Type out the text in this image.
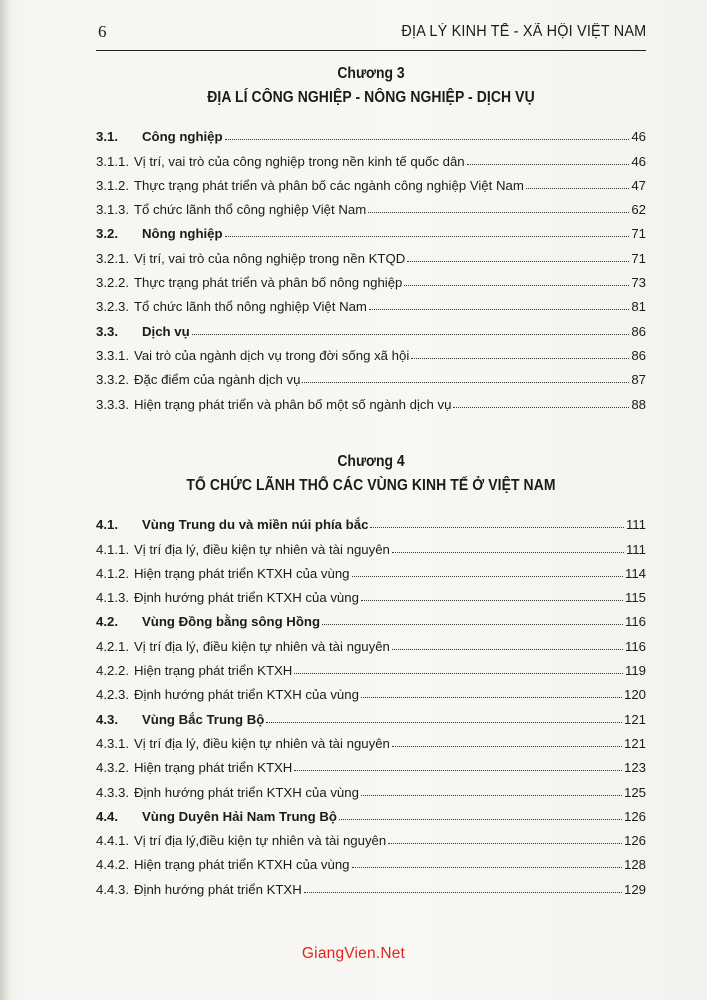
6	ĐỊA LÝ KINH TẾ - XÃ HỘI VIỆT NAM
Chương 3
ĐỊA LÍ CÔNG NGHIỆP - NÔNG NGHIỆP - DỊCH VỤ
3.1.	Công nghiệp	46
3.1.1. Vị trí, vai trò của công nghiệp trong nền kinh tế quốc dân	46
3.1.2. Thực trạng phát triển và phân bố các ngành công nghiệp Việt Nam	47
3.1.3. Tổ chức lãnh thổ công nghiệp Việt Nam	62
3.2.	Nông nghiệp	71
3.2.1. Vị trí, vai trò của nông nghiệp trong nền KTQD	71
3.2.2. Thực trạng phát triển và phân bố nông nghiệp	73
3.2.3. Tổ chức lãnh thổ nông nghiệp Việt Nam	81
3.3.	Dịch vụ	86
3.3.1. Vai trò của ngành dịch vụ trong đời sống xã hội	86
3.3.2. Đặc điểm của ngành dịch vụ	87
3.3.3. Hiện trạng phát triển và phân bố một số ngành dịch vụ	88
Chương 4
TỔ CHỨC LÃNH THỔ CÁC VÙNG KINH TẾ Ở VIỆT NAM
4.1.	Vùng Trung du và miền núi phía bắc	111
4.1.1. Vị trí địa lý, điều kiện tự nhiên và tài nguyên	111
4.1.2. Hiện trạng phát triển KTXH của vùng	114
4.1.3. Định hướng phát triển KTXH của vùng	115
4.2.	Vùng Đồng bằng sông Hồng	116
4.2.1. Vị trí địa lý, điều kiện tự nhiên và tài nguyên	116
4.2.2. Hiện trạng phát triển KTXH	119
4.2.3. Định hướng phát triển KTXH của vùng	120
4.3.	Vùng Bắc Trung Bộ	121
4.3.1. Vị trí địa lý, điều kiện tự nhiên và tài nguyên	121
4.3.2. Hiện trạng phát triển KTXH	123
4.3.3. Định hướng phát triển KTXH của vùng	125
4.4.	Vùng Duyên Hải Nam Trung Bộ	126
4.4.1. Vị trí địa lý,điều kiện tự nhiên và tài nguyên	126
4.4.2. Hiện trạng phát triển KTXH của vùng	128
4.4.3. Định hướng phát triển KTXH	129
GiangVien.Net
